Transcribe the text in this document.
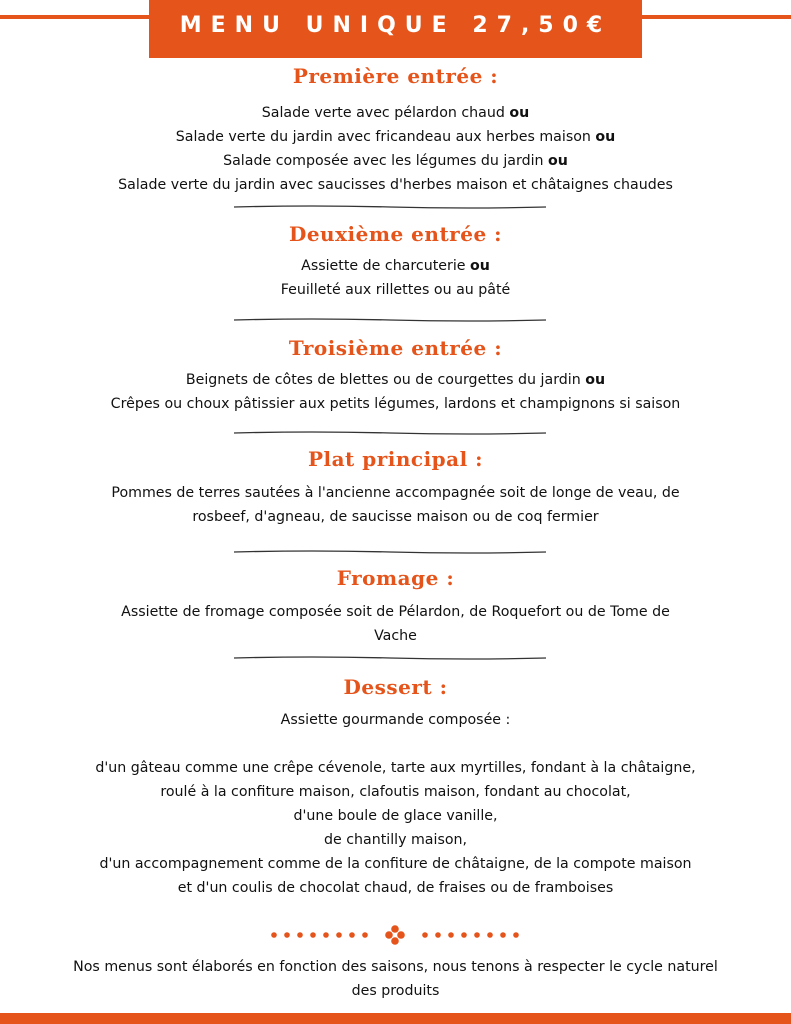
MENU UNIQUE 27,50€
Première entrée :
Salade verte avec pélardon chaud ou
Salade verte du jardin avec fricandeau aux herbes maison ou
Salade composée avec les légumes du jardin ou
Salade verte du jardin avec saucisses d'herbes maison et châtaignes chaudes
Deuxième entrée :
Assiette de charcuterie ou
Feuilleté aux rillettes ou au pâté
Troisième entrée :
Beignets de côtes de blettes ou de courgettes du jardin ou
Crêpes ou choux pâtissier aux petits légumes, lardons et champignons si saison
Plat principal :
Pommes de terres sautées à l'ancienne accompagnée soit de longe de veau, de
rosbeef, d'agneau, de saucisse maison ou de coq fermier
Fromage :
Assiette de fromage composée soit de Pélardon, de Roquefort ou de Tome de
Vache
Dessert :
Assiette gourmande composée :
d'un gâteau comme une crêpe cévenole, tarte aux myrtilles, fondant à la châtaigne,
roulé à la confiture maison, clafoutis maison, fondant au chocolat,
d'une boule de glace vanille,
de chantilly maison,
d'un accompagnement comme de la confiture de châtaigne, de la compote maison
et d'un coulis de chocolat chaud, de fraises ou de framboises
Nos menus sont élaborés en fonction des saisons, nous tenons à respecter le cycle naturel
des produits
